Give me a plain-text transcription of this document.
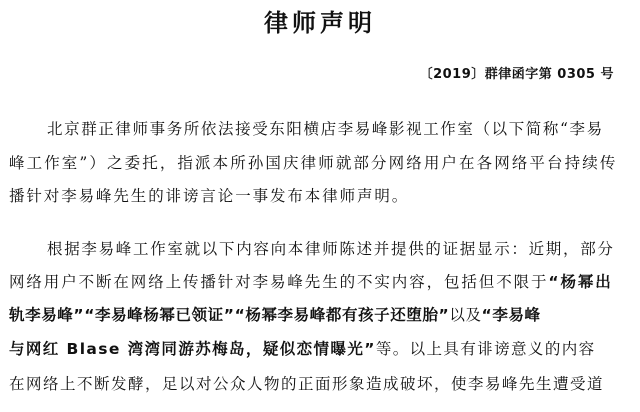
律师声明
〔2019〕群律函字第 0305 号
北京群正律师事务所依法接受东阳横店李易峰影视工作室（以下简称“李易
峰工作室”）之委托，指派本所孙国庆律师就部分网络用户在各网络平台持续传
播针对李易峰先生的诽谤言论一事发布本律师声明。
根据李易峰工作室就以下内容向本律师陈述并提供的证据显示：近期，部分
网络用户不断在网络上传播针对李易峰先生的不实内容，包括但不限于“杨幂出
轨李易峰”“李易峰杨幂已领证”“杨幂李易峰都有孩子还堕胎”以及“李易峰
与网红 Blase 湾湾同游苏梅岛，疑似恋情曝光”等。以上具有诽谤意义的内容
在网络上不断发酵，足以对公众人物的正面形象造成破坏，使李易峰先生遭受道
